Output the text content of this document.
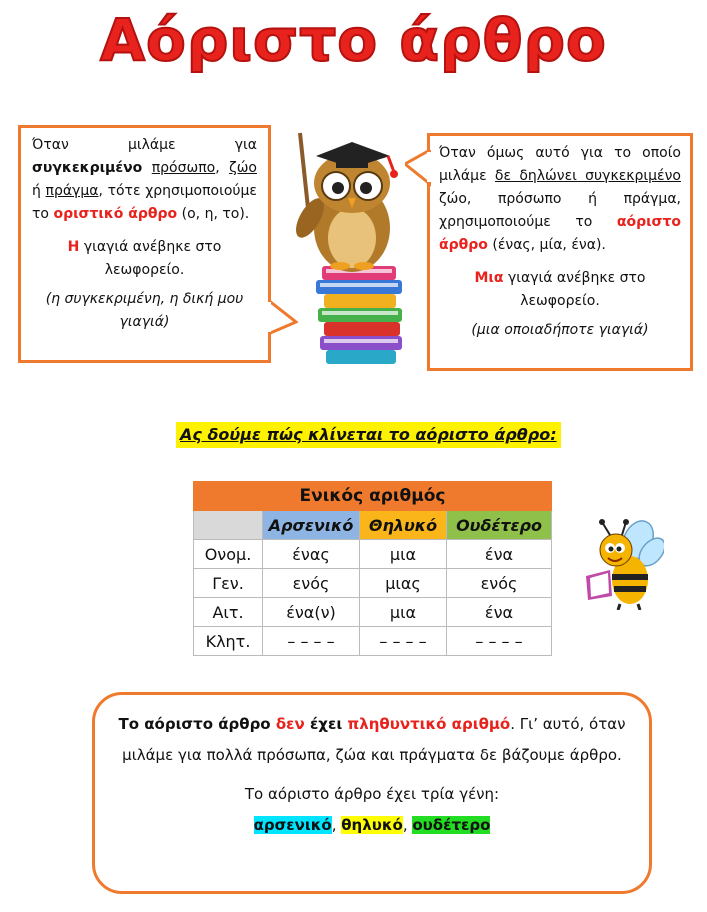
Αόριστο άρθρο

Όταν μιλάμε για συγκεκριμένο πρόσωπο, ζώο ή πράγμα, τότε χρησιμοποιούμε το οριστικό άρθρο (ο, η, το).

Η γιαγιά ανέβηκε στο λεωφορείο.

(η συγκεκριμένη, η δική μου γιαγιά)

Όταν όμως αυτό για το οποίο μιλάμε δε δηλώνει συγκεκριμένο ζώο, πρόσωπο ή πράγμα, χρησιμοποιούμε το αόριστο άρθρο (ένας, μία, ένα).

Μια γιαγιά ανέβηκε στο λεωφορείο.

(μια οποιαδήποτε γιαγιά)

Ας δούμε πώς κλίνεται το αόριστο άρθρο:
Ενικός αριθμός			
	Αρσενικό	Θηλυκό	Ουδέτερο
Ονομ.	ένας	μια	ένα
Γεν.	ενός	μιας	ενός
Αιτ.	ένα(ν)	μια	ένα
Κλητ.	– – – –	– – – –	– – – –

Το αόριστο άρθρο δεν έχει πληθυντικό αριθμό. Γι’ αυτό, όταν μιλάμε για πολλά πρόσωπα, ζώα και πράγματα δε βάζουμε άρθρο.

Το αόριστο άρθρο έχει τρία γένη:

αρσενικό, θηλυκό, ουδέτερο
